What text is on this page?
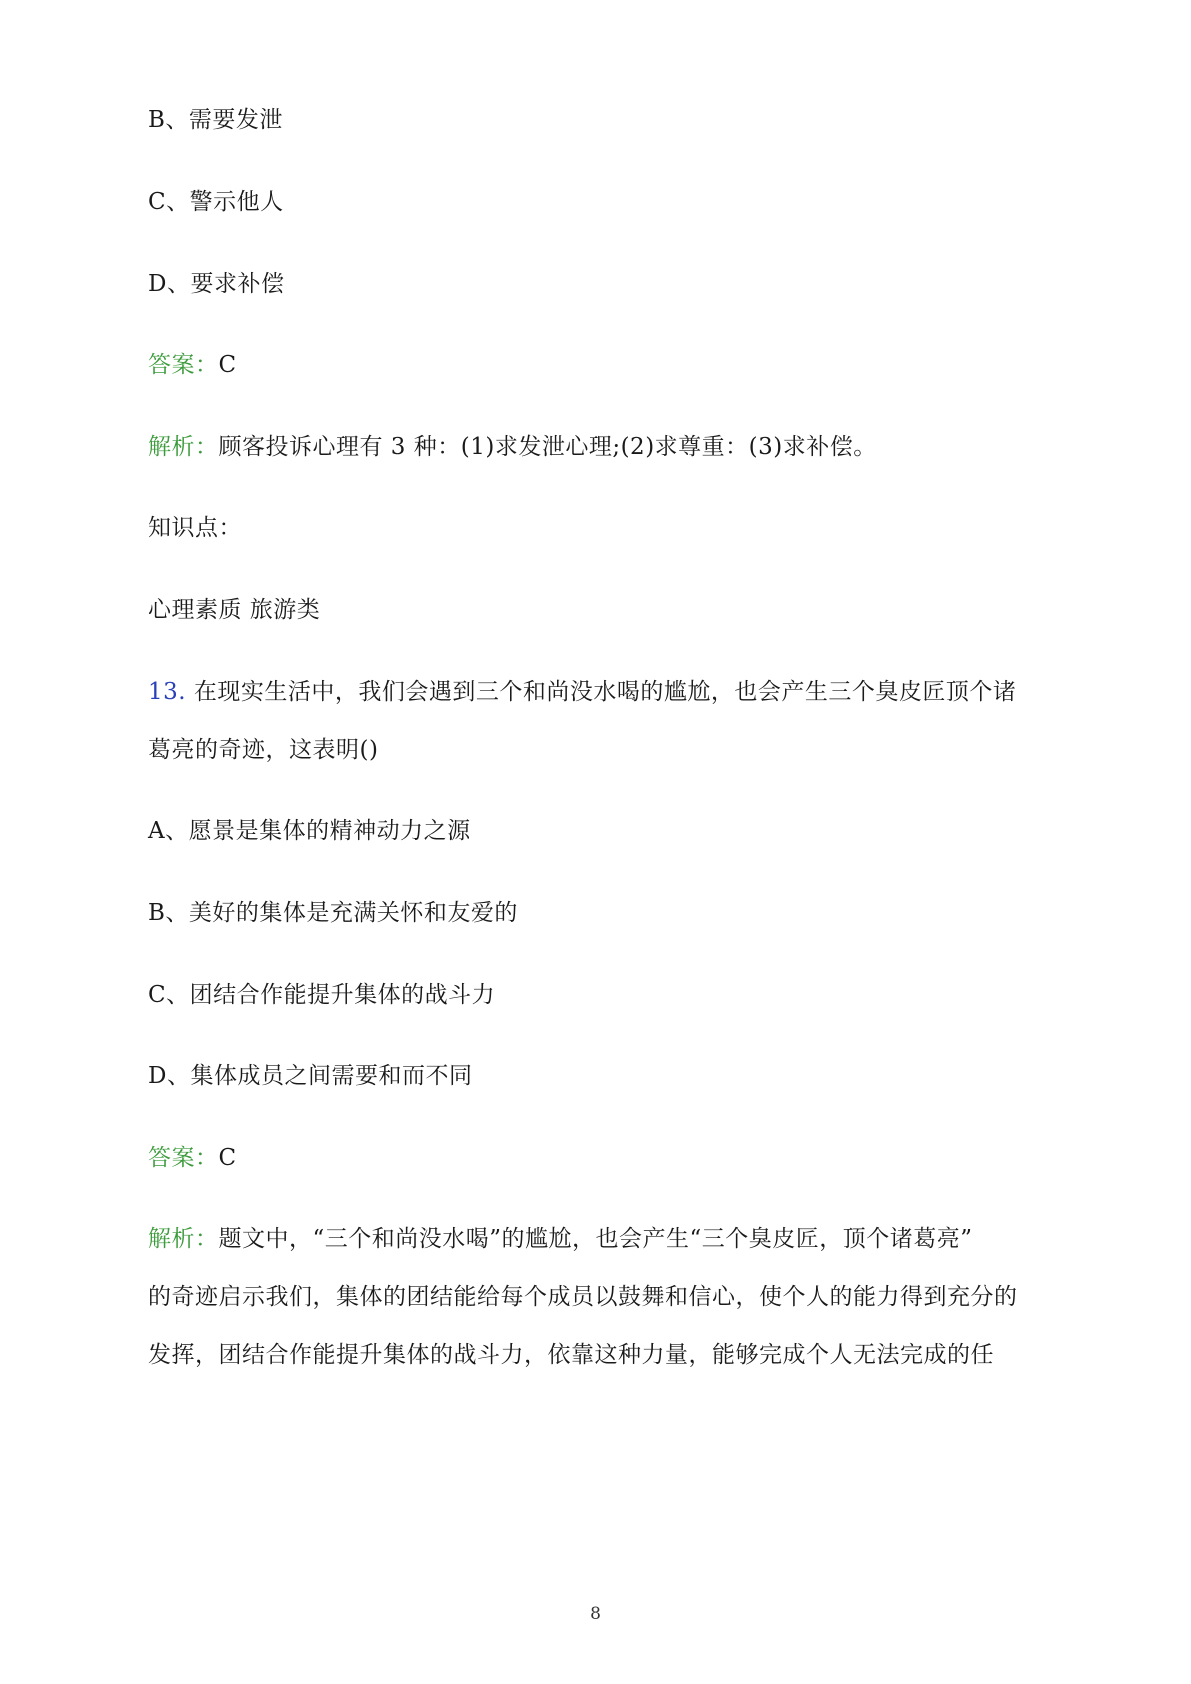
B、需要发泄
C、警示他人
D、要求补偿
答案：C
解析：顾客投诉心理有 3 种：(1)求发泄心理;(2)求尊重：(3)求补偿。
知识点：
心理素质 旅游类
13. 在现实生活中，我们会遇到三个和尚没水喝的尴尬，也会产生三个臭皮匠顶个诸
葛亮的奇迹，这表明()
A、愿景是集体的精神动力之源
B、美好的集体是充满关怀和友爱的
C、团结合作能提升集体的战斗力
D、集体成员之间需要和而不同
答案：C
解析：题文中，“三个和尚没水喝”的尴尬，也会产生“三个臭皮匠，顶个诸葛亮”
的奇迹启示我们，集体的团结能给每个成员以鼓舞和信心，使个人的能力得到充分的
发挥，团结合作能提升集体的战斗力，依靠这种力量，能够完成个人无法完成的任
8
